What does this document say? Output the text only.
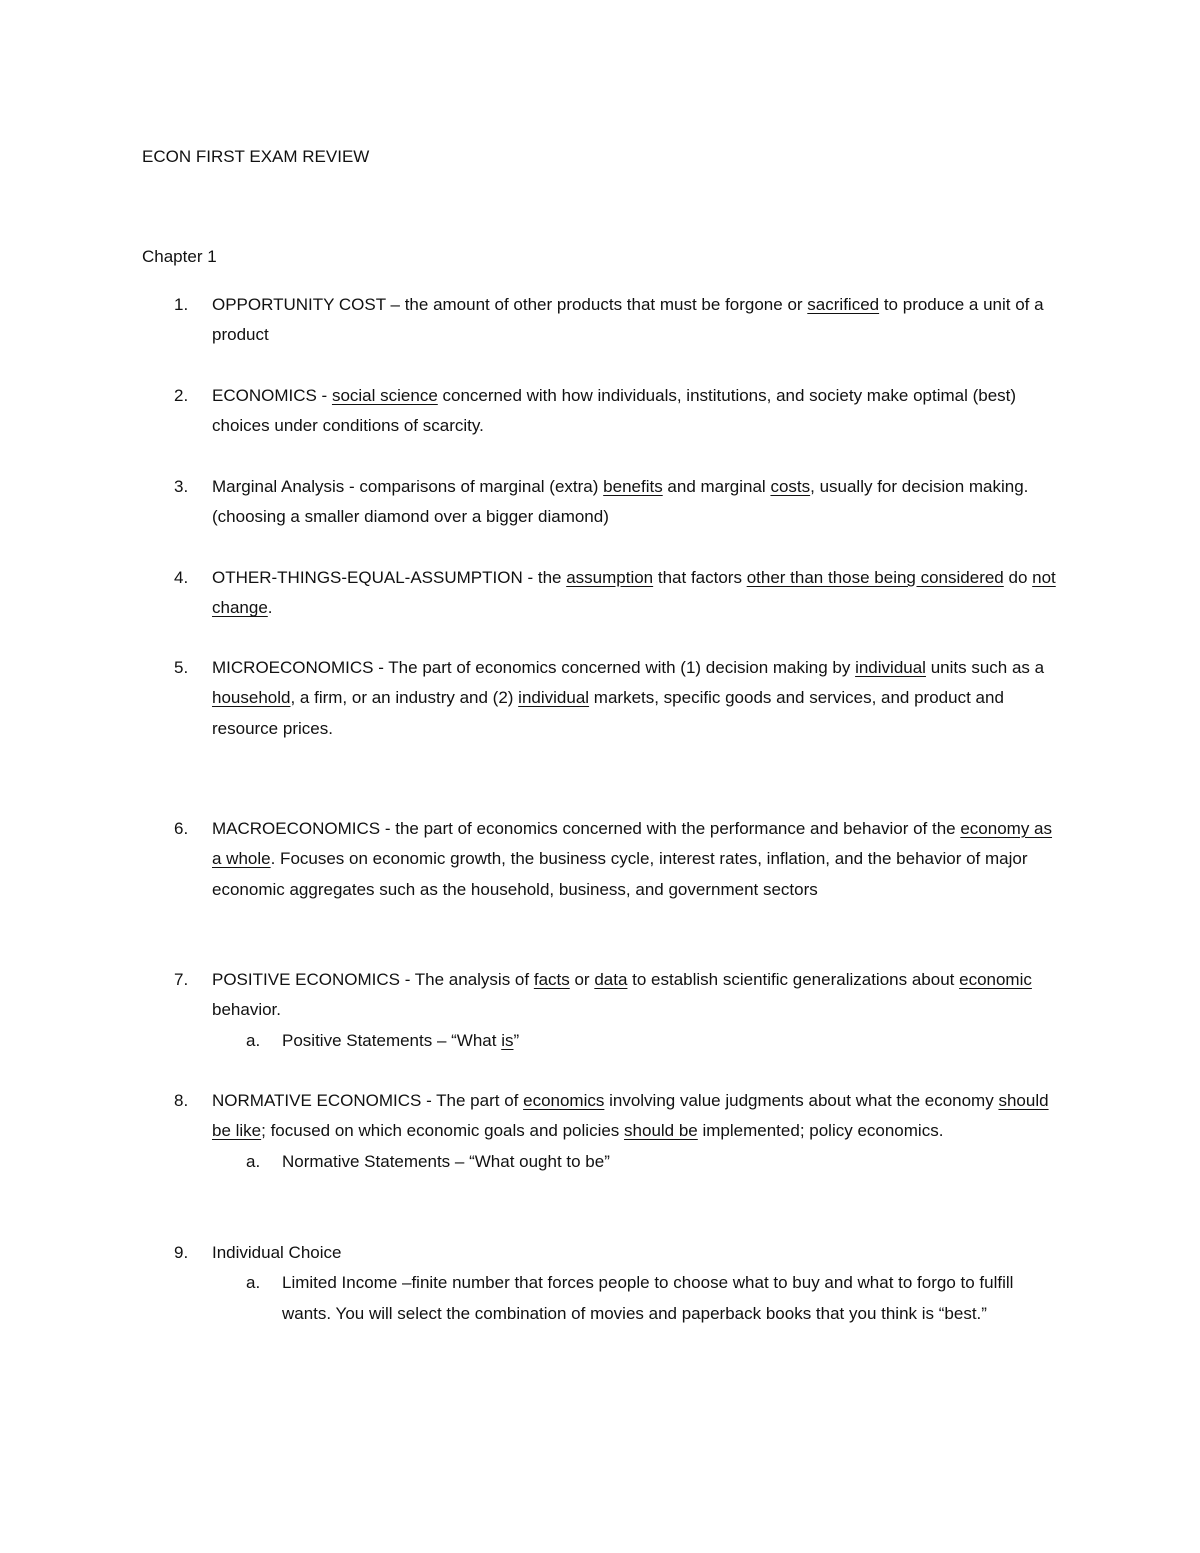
ECON FIRST EXAM REVIEW
Chapter 1
1.	OPPORTUNITY COST – the amount of other products that must be forgone or sacrificed to produce a unit of a product
2.	ECONOMICS - social science concerned with how individuals, institutions, and society make optimal (best) choices under conditions of scarcity.
3.	Marginal Analysis - comparisons of marginal (extra) benefits and marginal costs, usually for decision making. (choosing a smaller diamond over a bigger diamond)
4.	OTHER-THINGS-EQUAL-ASSUMPTION - the assumption that factors other than those being considered do not change.
5.	MICROECONOMICS - The part of economics concerned with (1) decision making by individual units such as a household, a firm, or an industry and (2) individual markets, specific goods and services, and product and resource prices.
6.	MACROECONOMICS - the part of economics concerned with the performance and behavior of the economy as a whole. Focuses on economic growth, the business cycle, interest rates, inflation, and the behavior of major economic aggregates such as the household, business, and government sectors
7.	POSITIVE ECONOMICS - The analysis of facts or data to establish scientific generalizations about economic behavior.
a. Positive Statements – “What is”
8.	NORMATIVE ECONOMICS - The part of economics involving value judgments about what the economy should be like; focused on which economic goals and policies should be implemented; policy economics.
a. Normative Statements – “What ought to be”
9.	Individual Choice
a. Limited Income –finite number that forces people to choose what to buy and what to forgo to fulfill wants. You will select the combination of movies and paperback books that you think is “best.”
